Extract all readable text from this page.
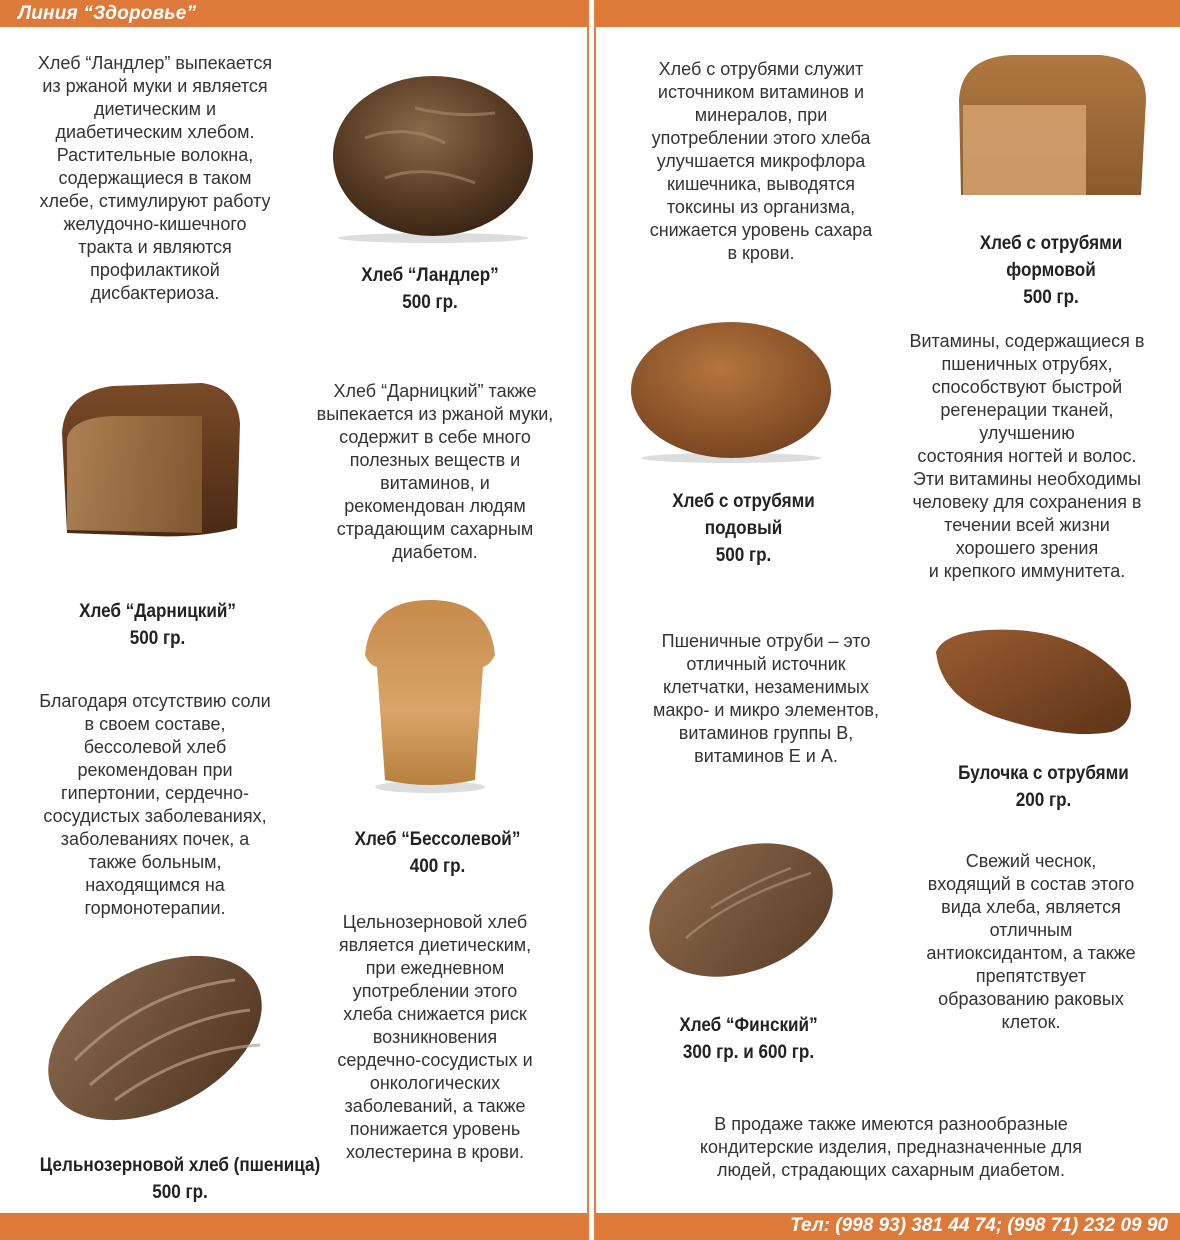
Линия “Здоровье”
Хлеб “Ландлер” выпекается
из ржаной муки и является
диетическим и
диабетическим хлебом.
Растительные волокна,
содержащиеся в таком
хлебе, стимулируют работу
желудочно-кишечного
тракта и являются
профилактикой
дисбактериоза.
Хлеб “Ландлер”
500 гр.
Хлеб “Дарницкий” также
выпекается из ржаной муки,
содержит в себе много
полезных веществ и
витаминов, и
рекомендован людям
страдающим сахарным
диабетом.
Хлеб “Дарницкий”
500 гр.
Благодаря отсутствию соли
в своем составе,
бессолевой хлеб
рекомендован при
гипертонии, сердечно-
сосудистых заболеваниях,
заболеваниях почек, а
также больным,
находящимся на
гормонотерапии.
Хлеб “Бессолевой”
400 гр.
Цельнозерновой хлеб
является диетическим,
при ежедневном
употреблении этого
хлеба снижается риск
возникновения
сердечно-сосудистых и
онкологических
заболеваний, а также
понижается уровень
холестерина в крови.
Цельнозерновой хлеб (пшеница)
500 гр.
Хлеб с отрубями служит
источником витаминов и
минералов, при
употреблении этого хлеба
улучшается микрофлора
кишечника, выводятся
токсины из организма,
снижается уровень сахара
в крови.	Хлеб с отрубями
формовой
500 гр.
Витамины, содержащиеся в
пшеничных отрубях,
способствуют быстрой
регенерации тканей,
улучшению
состояния ногтей и волос.
Эти витамины необходимы
человеку для сохранения в
течении всей жизни
хорошего зрения
и крепкого иммунитета.
Хлеб с отрубями
подовый
500 гр.
Пшеничные отруби – это
отличный источник
клетчатки, незаменимых
макро- и микро элементов,
витаминов группы В,
витаминов Е и А.
Булочка с отрубями
200 гр.
Свежий чеснок,
входящий в состав этого
вида хлеба, является
отличным
антиоксидантом, а также
препятствует
образованию раковых
клеток.
Хлеб “Финский”
300 гр. и 600 гр.
В продаже также имеются разнообразные
кондитерские изделия, предназначенные для
людей, страдающих сахарным диабетом.
Тел: (998 93) 381 44 74; (998 71) 232 09 90
